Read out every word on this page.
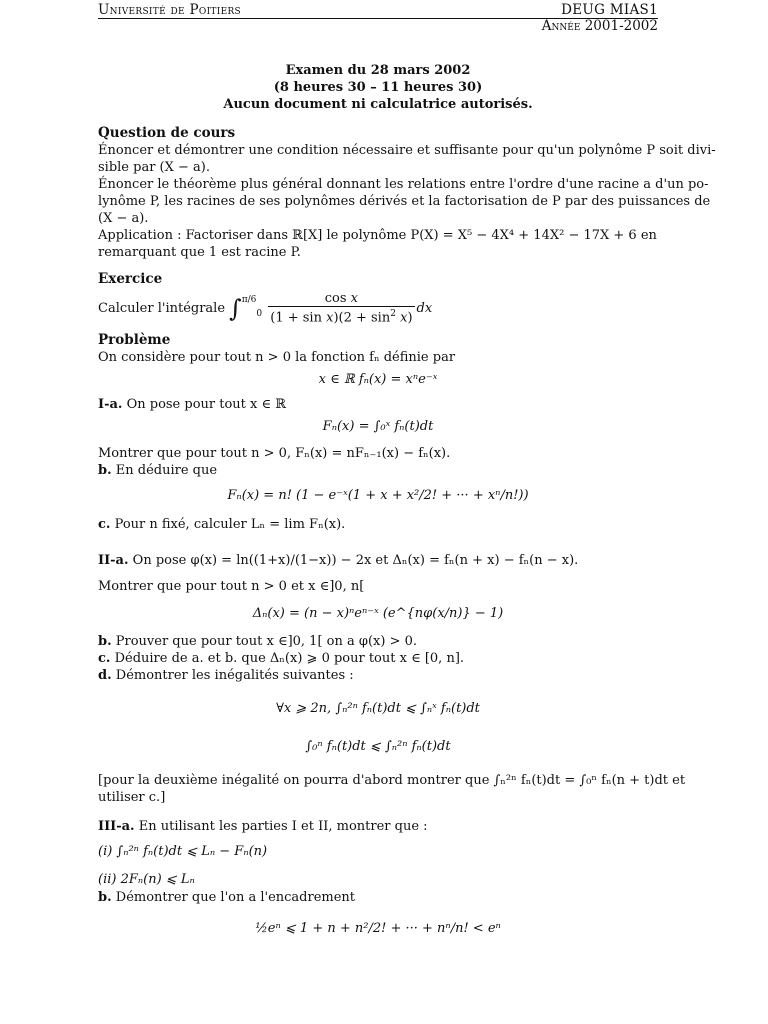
Université de Poitiers	DEUG MIAS1
Année 2001-2002
Examen du 28 mars 2002
(8 heures 30 – 11 heures 30)
Aucun document ni calculatrice autorisés.
Question de cours
Énoncer et démontrer une condition nécessaire et suffisante pour qu'un polynôme P soit divi-
sible par (X − a).
Énoncer le théorème plus général donnant les relations entre l'ordre d'une racine a d'un po-
lynôme P, les racines de ses polynômes dérivés et la factorisation de P par des puissances de
(X − a).
Application : Factoriser dans ℝ[X] le polynôme P(X) = X⁵ − 4X⁴ + 14X² − 17X + 6 en
remarquant que 1 est racine P.
Exercice
Calculer l'intégrale $\int^{\pi/6}_0 \frac{\text{cos x}}{(1 + \sin x)(2 + \sin^2 x)}$ dx
Problème
On considère pour tout n > 0 la fonction fₙ définie par
x ∈ ℝ fₙ(x) = xⁿe⁻ˣ
I-a. On pose pour tout x ∈ ℝ
Fₙ(x) = ∫₀ˣ fₙ(t)dt
Montrer que pour tout n > 0, Fₙ(x) = nFₙ₋₁(x) − fₙ(x).
b. En déduire que
Fₙ(x) = n! (1 − e⁻ˣ(1 + x + x²/2! + ··· + xⁿ/n!))
c. Pour n fixé, calculer Lₙ = lim Fₙ(x).
II-a. On pose φ(x) = ln((1+x)/(1−x)) − 2x et Δₙ(x) = fₙ(n + x) − fₙ(n − x).
Montrer que pour tout n > 0 et x ∈]0, n[
Δₙ(x) = (n − x)ⁿeⁿ⁻ˣ (e^{nφ(x/n)} − 1)
b. Prouver que pour tout x ∈]0, 1[ on a φ(x) > 0.
c. Déduire de a. et b. que Δₙ(x) ⩾ 0 pour tout x ∈ [0, n].
d. Démontrer les inégalités suivantes :
∀x ⩾ 2n, ∫ₙ²ⁿ fₙ(t)dt ⩽ ∫ₙˣ fₙ(t)dt
∫₀ⁿ fₙ(t)dt ⩽ ∫ₙ²ⁿ fₙ(t)dt
[pour la deuxième inégalité on pourra d'abord montrer que ∫ₙ²ⁿ fₙ(t)dt = ∫₀ⁿ fₙ(n + t)dt et
utiliser c.]
III-a. En utilisant les parties I et II, montrer que :
(i) ∫ₙ²ⁿ fₙ(t)dt ⩽ Lₙ − Fₙ(n)
(ii) 2Fₙ(n) ⩽ Lₙ
b. Démontrer que l'on a l'encadrement
½eⁿ ⩽ 1 + n + n²/2! + ··· + nⁿ/n! < eⁿ
